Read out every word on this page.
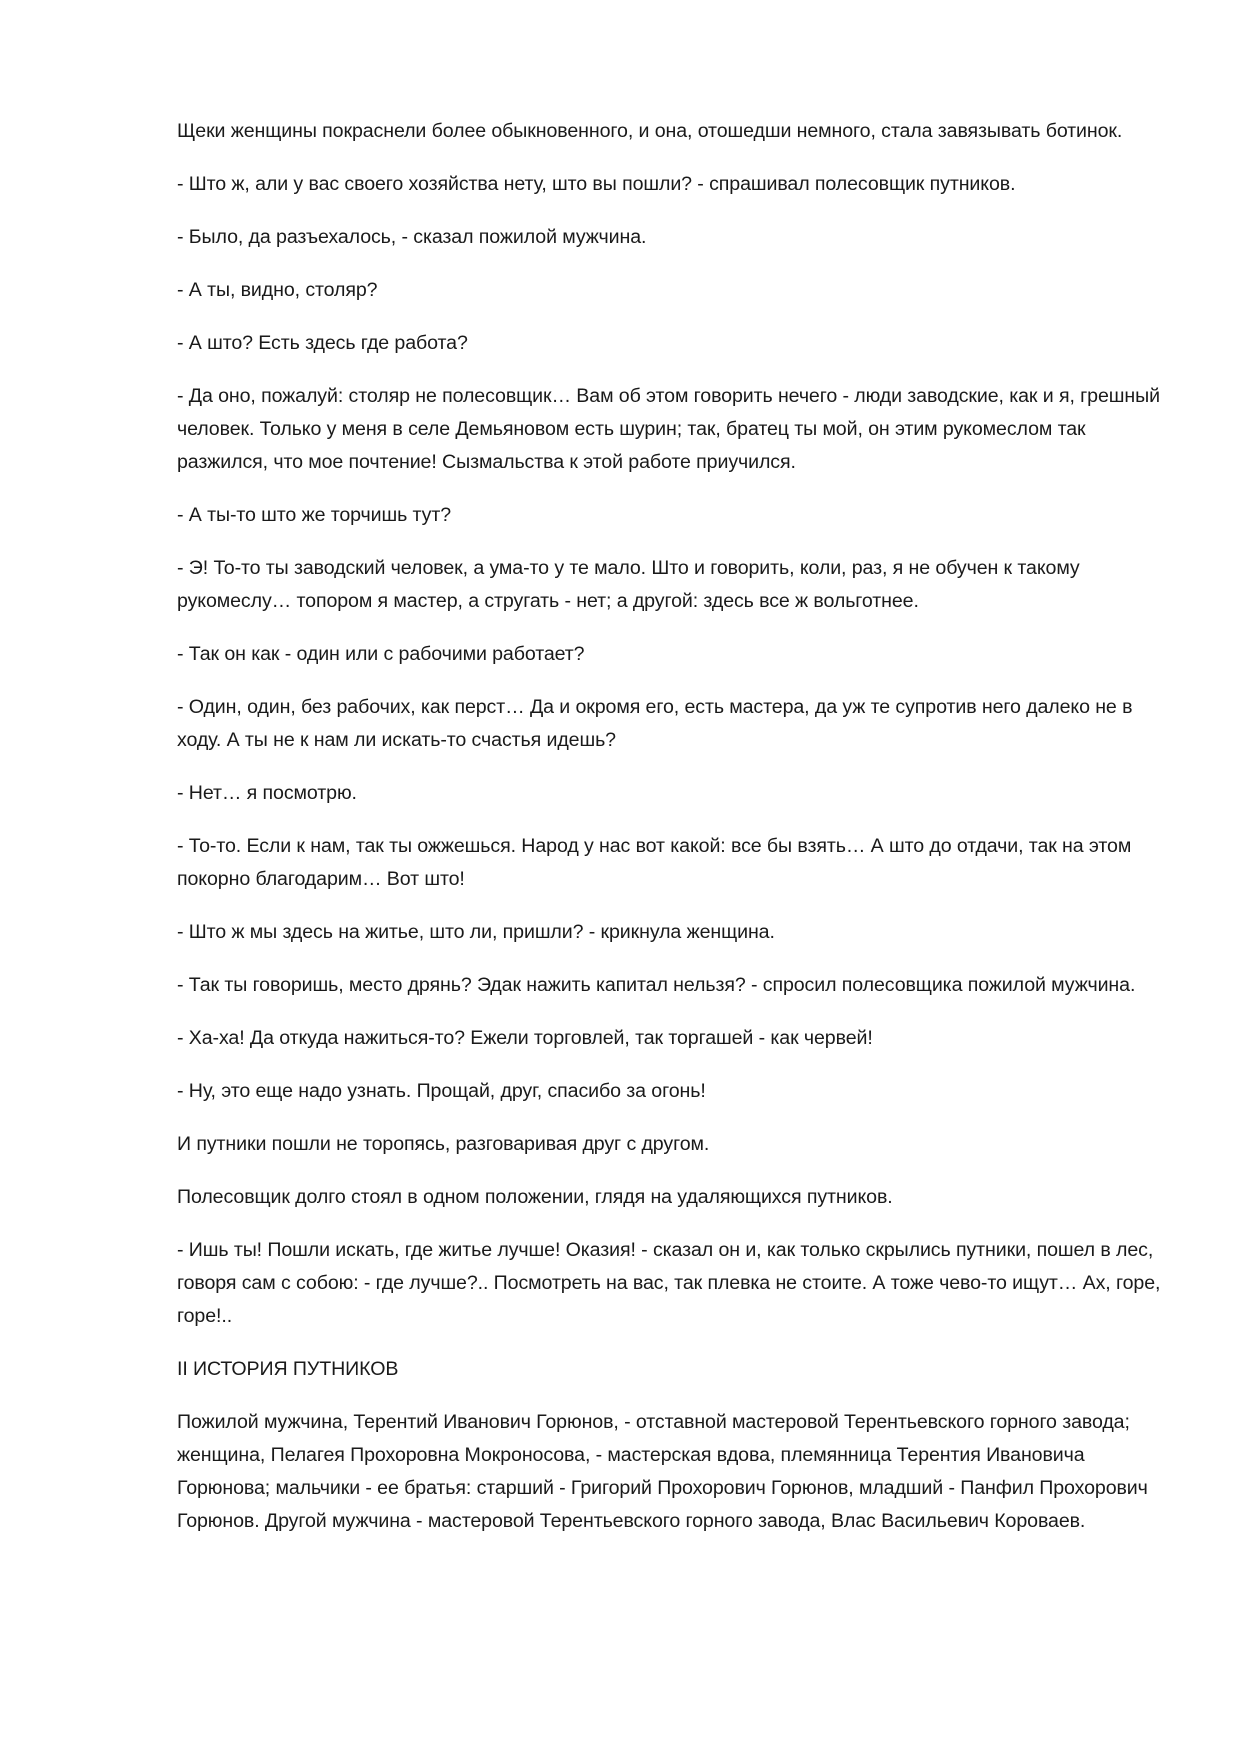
Щеки женщины покраснели более обыкновенного, и она, отошедши немного, стала завязывать ботинок.

- Што ж, али у вас своего хозяйства нету, што вы пошли? - спрашивал полесовщик путников.

- Было, да разъехалось, - сказал пожилой мужчина.

- А ты, видно, столяр?

- А што? Есть здесь где работа?

- Да оно, пожалуй: столяр не полесовщик… Вам об этом говорить нечего - люди заводские, как и я, грешный человек. Только у меня в селе Демьяновом есть шурин; так, братец ты мой, он этим рукомеслом так разжился, что мое почтение! Сызмальства к этой работе приучился.

- А ты-то што же торчишь тут?

- Э! То-то ты заводский человек, а ума-то у те мало. Што и говорить, коли, раз, я не обучен к такому рукомеслу… топором я мастер, а стругать - нет; а другой: здесь все ж вольготнее.

- Так он как - один или с рабочими работает?

- Один, один, без рабочих, как перст… Да и окромя его, есть мастера, да уж те супротив него далеко не в ходу. А ты не к нам ли искать-то счастья идешь?

- Нет… я посмотрю.

- То-то. Если к нам, так ты ожжешься. Народ у нас вот какой: все бы взять… А што до отдачи, так на этом покорно благодарим… Вот што!

- Што ж мы здесь на житье, што ли, пришли? - крикнула женщина.

- Так ты говоришь, место дрянь? Эдак нажить капитал нельзя? - спросил полесовщика пожилой мужчина.

- Ха-ха! Да откуда нажиться-то? Ежели торговлей, так торгашей - как червей!

- Ну, это еще надо узнать. Прощай, друг, спасибо за огонь!

И путники пошли не торопясь, разговаривая друг с другом.

Полесовщик долго стоял в одном положении, глядя на удаляющихся путников.

- Ишь ты! Пошли искать, где житье лучше! Оказия! - сказал он и, как только скрылись путники, пошел в лес, говоря сам с собою: - где лучше?.. Посмотреть на вас, так плевка не стоите. А тоже чево-то ищут… Ах, горе, горе!..

II ИСТОРИЯ ПУТНИКОВ

Пожилой мужчина, Терентий Иванович Горюнов, - отставной мастеровой Терентьевского горного завода; женщина, Пелагея Прохоровна Мокроносова, - мастерская вдова, племянница Терентия Ивановича Горюнова; мальчики - ее братья: старший - Григорий Прохорович Горюнов, младший - Панфил Прохорович Горюнов. Другой мужчина - мастеровой Терентьевского горного завода, Влас Васильевич Короваев.
